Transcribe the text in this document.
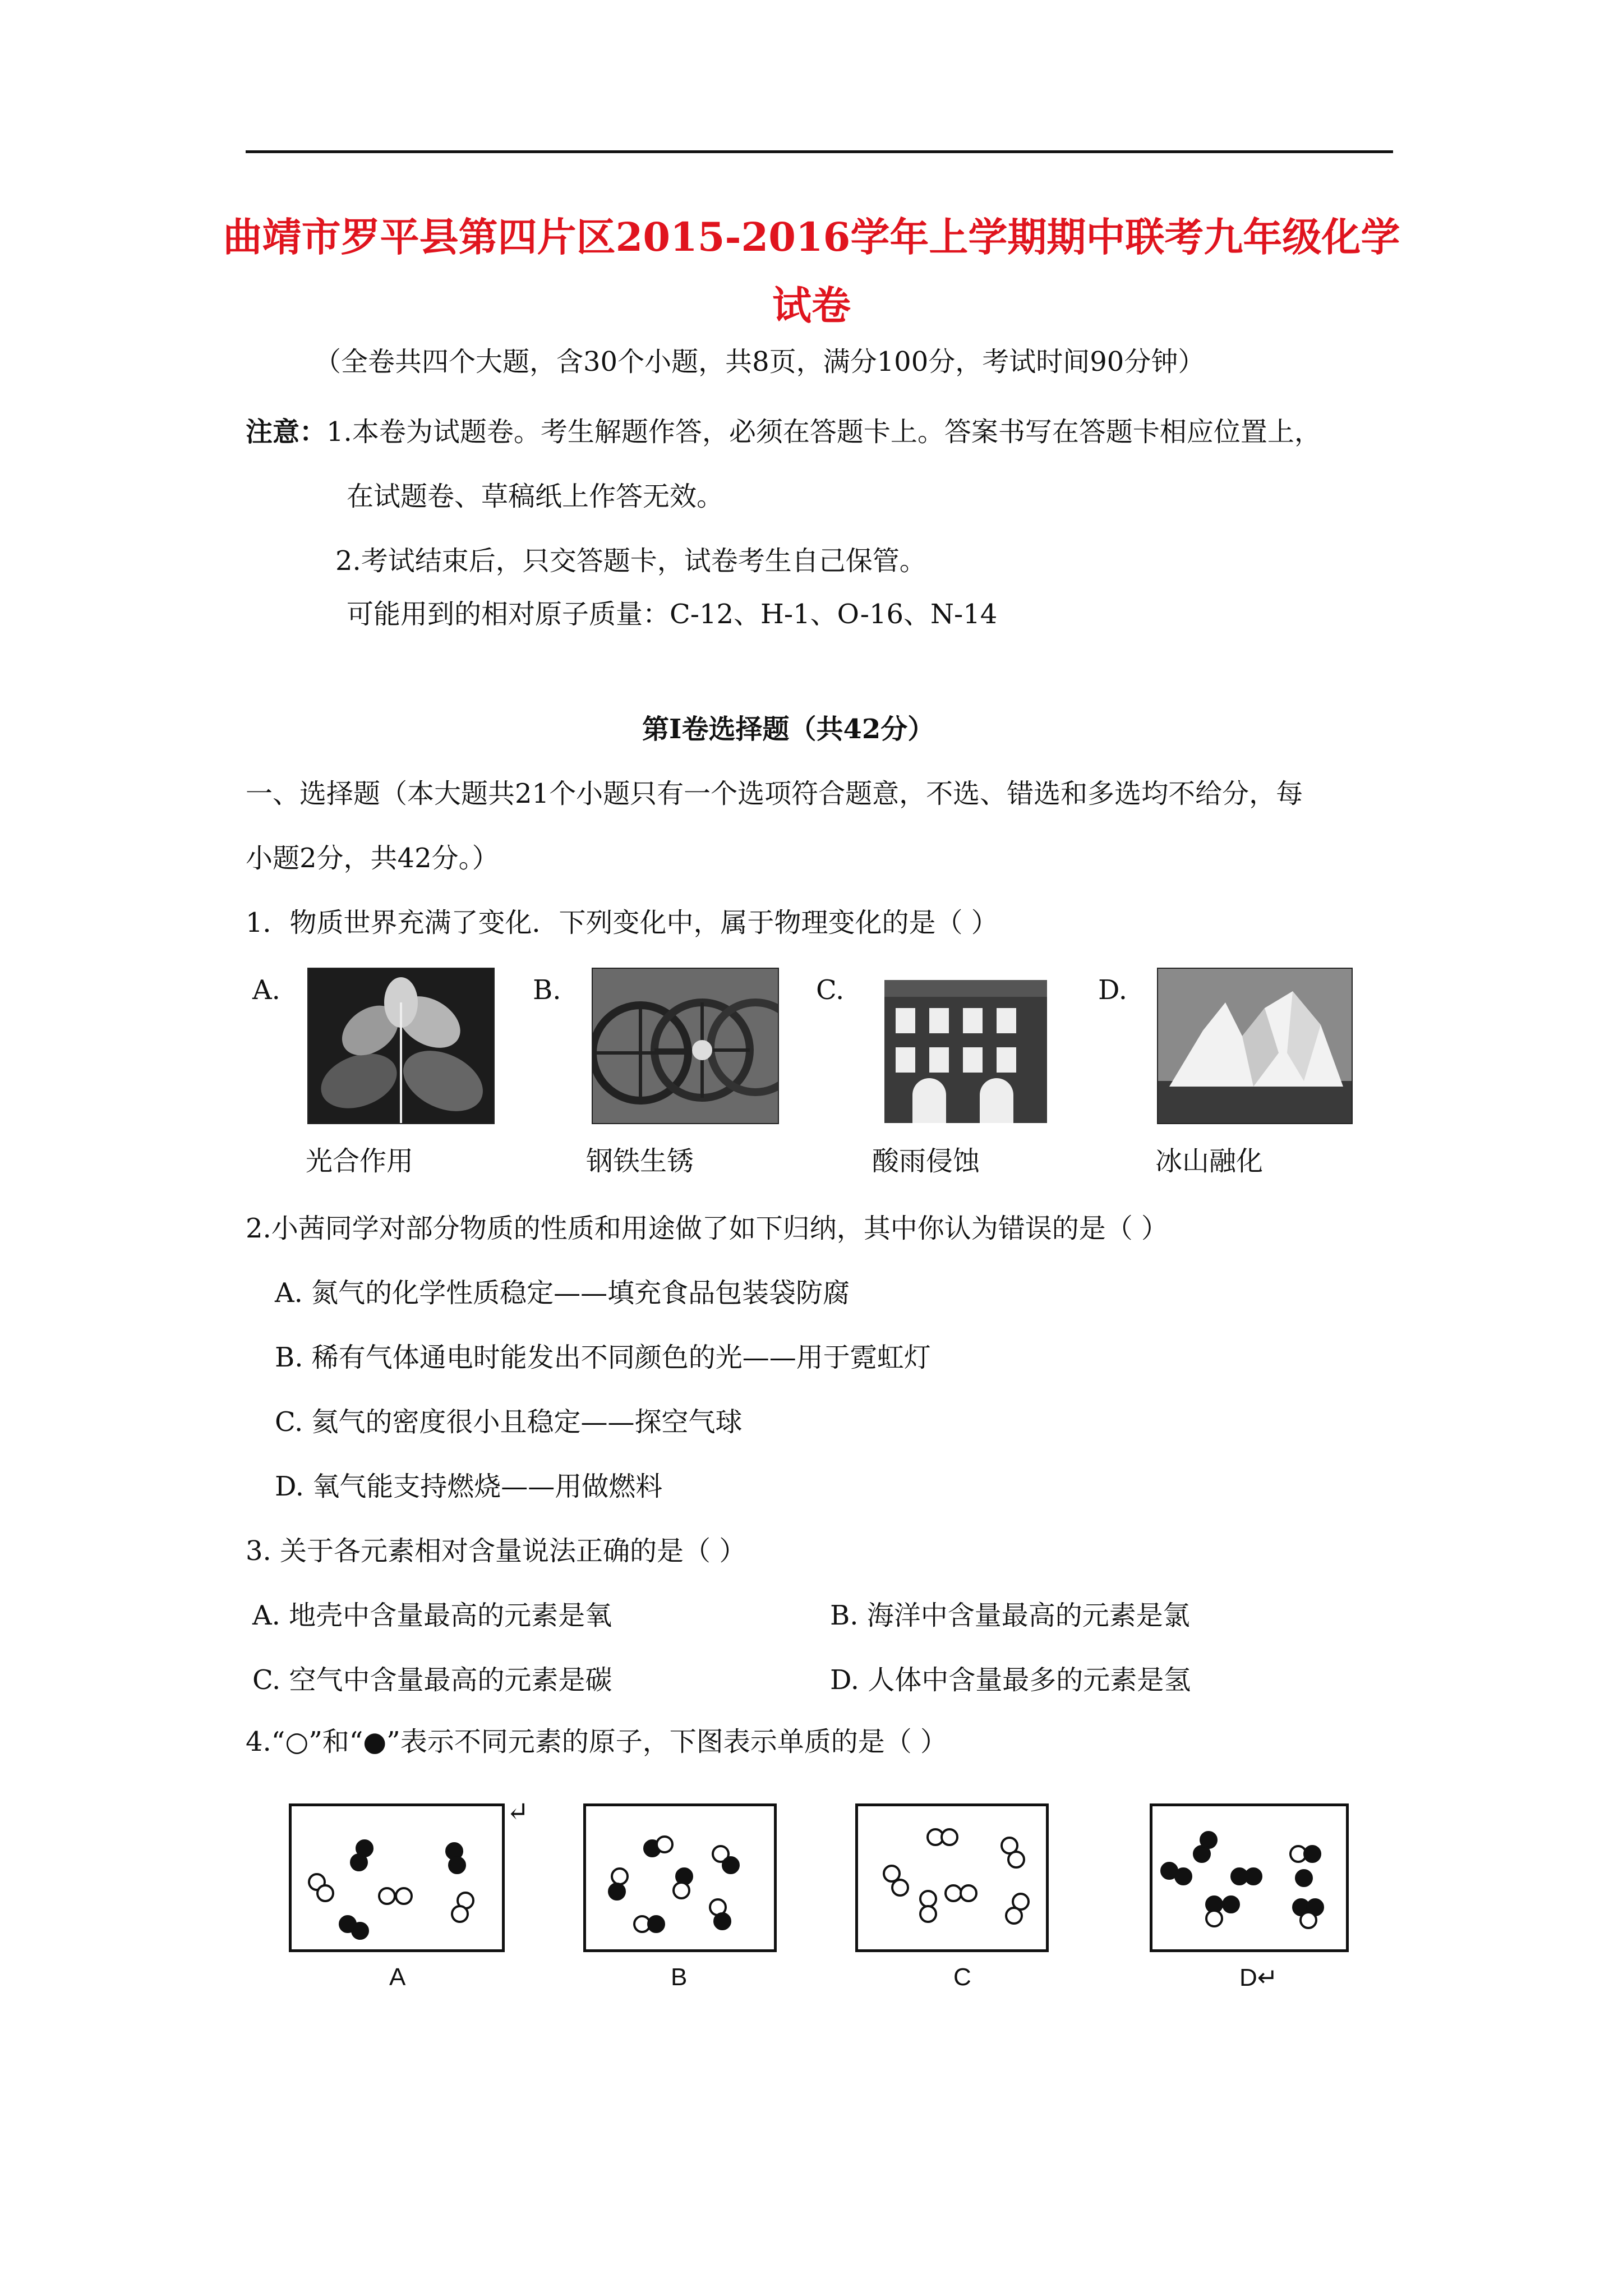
曲靖市罗平县第四片区2015-2016学年上学期期中联考九年级化学
试卷
（全卷共四个大题，含30个小题，共8页，满分100分，考试时间90分钟）
注意：1.本卷为试题卷。考生解题作答，必须在答题卡上。答案书写在答题卡相应位置上，
在试题卷、草稿纸上作答无效。
2.考试结束后，只交答题卡，试卷考生自己保管。
可能用到的相对原子质量：C-12、H-1、O-16、N-14
第Ⅰ卷选择题（共42分）
一、选择题（本大题共21个小题只有一个选项符合题意，不选、错选和多选均不给分，每
小题2分，共42分。）
1．物质世界充满了变化．下列变化中，属于物理变化的是（ ）
A.	B.	C.	D.
光合作用	钢铁生锈	酸雨侵蚀	冰山融化
2.小茜同学对部分物质的性质和用途做了如下归纳，其中你认为错误的是（ ）
A. 氮气的化学性质稳定——填充食品包装袋防腐
B. 稀有气体通电时能发出不同颜色的光——用于霓虹灯
C. 氦气的密度很小且稳定——探空气球
D. 氧气能支持燃烧——用做燃料
3. 关于各元素相对含量说法正确的是（ ）
A. 地壳中含量最高的元素是氧	B. 海洋中含量最高的元素是氯
C. 空气中含量最高的元素是碳	D. 人体中含量最多的元素是氢
4.“○”和“●”表示不同元素的原子，下图表示单质的是（ ）
↵
A	B	C	D↵
